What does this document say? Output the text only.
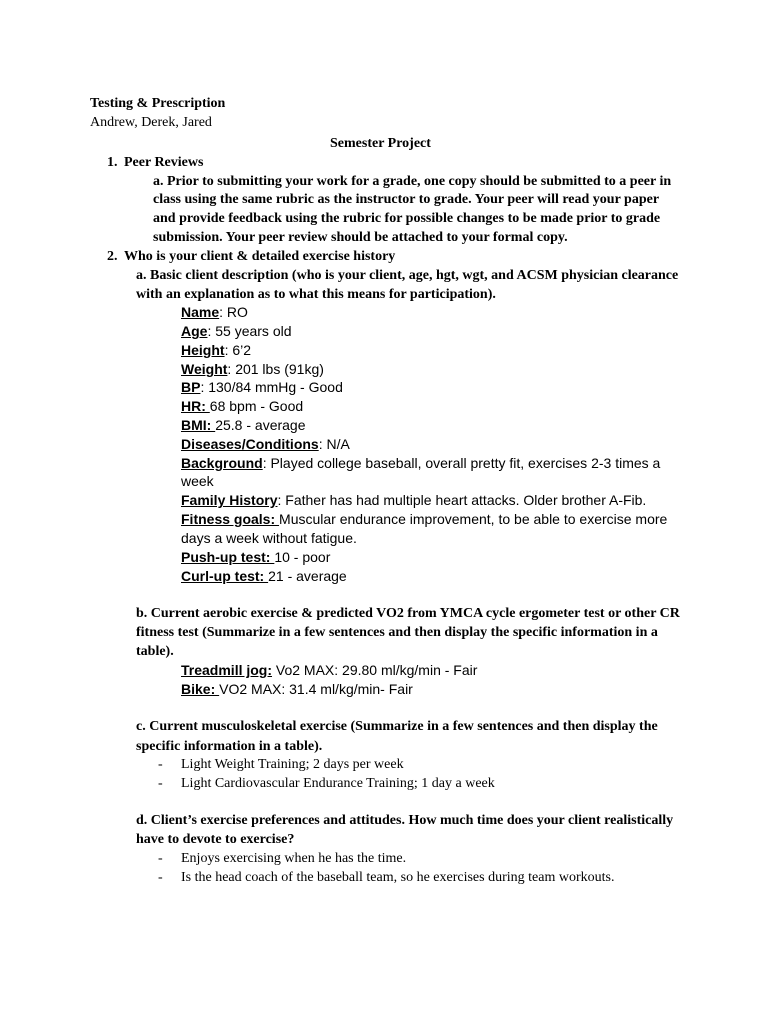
Testing & Prescription
Andrew, Derek, Jared
Semester Project
1. Peer Reviews
a. Prior to submitting your work for a grade, one copy should be submitted to a peer in
class using the same rubric as the instructor to grade. Your peer will read your paper
and provide feedback using the rubric for possible changes to be made prior to grade
submission. Your peer review should be attached to your formal copy.
2. Who is your client & detailed exercise history
a. Basic client description (who is your client, age, hgt, wgt, and ACSM physician clearance
with an explanation as to what this means for participation).
Name: RO
Age: 55 years old
Height: 6’2
Weight: 201 lbs (91kg)
BP: 130/84 mmHg - Good
HR: 68 bpm - Good
BMI: 25.8 - average
Diseases/Conditions: N/A
Background: Played college baseball, overall pretty fit, exercises 2-3 times a
week
Family History: Father has had multiple heart attacks. Older brother A-Fib.
Fitness goals: Muscular endurance improvement, to be able to exercise more
days a week without fatigue.
Push-up test: 10 - poor
Curl-up test: 21 - average
b. Current aerobic exercise & predicted VO2 from YMCA cycle ergometer test or other CR
fitness test (Summarize in a few sentences and then display the specific information in a
table).
Treadmill jog: Vo2 MAX: 29.80 ml/kg/min - Fair
Bike: VO2 MAX: 31.4 ml/kg/min- Fair
c. Current musculoskeletal exercise (Summarize in a few sentences and then display the
specific information in a table).
- Light Weight Training; 2 days per week
- Light Cardiovascular Endurance Training; 1 day a week
d. Client’s exercise preferences and attitudes. How much time does your client realistically
have to devote to exercise?
- Enjoys exercising when he has the time.
- Is the head coach of the baseball team, so he exercises during team workouts.
